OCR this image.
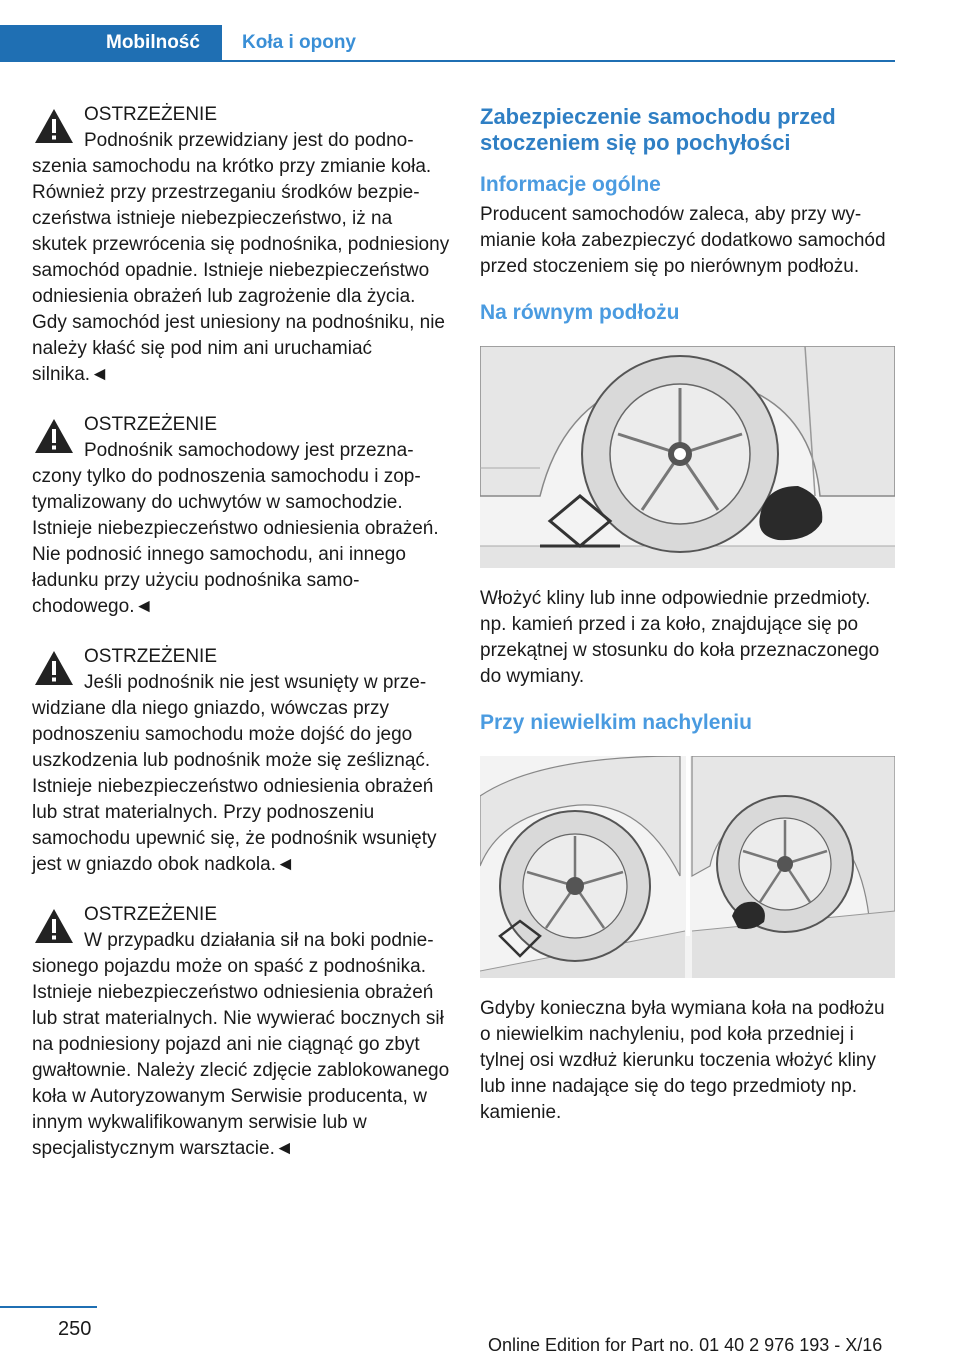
Mobilność	Koła i opony
OSTRZEŻENIE

Podnośnik przewidziany jest do podnoszenia samochodu na krótko przy zmianie koła. Również przy przestrzeganiu środków bezpieczeństwa istnieje niebezpieczeństwo, iż na skutek przewrócenia się podnośnika, podniesiony samochód opadnie. Istnieje niebezpieczeństwo odniesienia obrażeń lub zagrożenie dla życia. Gdy samochód jest uniesiony na podnośniku, nie należy kłaść się pod nim ani uruchamiać silnika.◄

OSTRZEŻENIE

Podnośnik samochodowy jest przeznaczony tylko do podnoszenia samochodu i zoptymalizowany do uchwytów w samochodzie. Istnieje niebezpieczeństwo odniesienia obrażeń. Nie podnosić innego samochodu, ani innego ładunku przy użyciu podnośnika samochodowego.◄

OSTRZEŻENIE

Jeśli podnośnik nie jest wsunięty w przewidziane dla niego gniazdo, wówczas przy podnoszeniu samochodu może dojść do jego uszkodzenia lub podnośnik może się ześliznąć. Istnieje niebezpieczeństwo odniesienia obrażeń lub strat materialnych. Przy podnoszeniu samochodu upewnić się, że podnośnik wsunięty jest w gniazdo obok nadkola.◄

OSTRZEŻENIE

W przypadku działania sił na boki podniesionego pojazdu może on spaść z podnośnika. Istnieje niebezpieczeństwo odniesienia obrażeń lub strat materialnych. Nie wywierać bocznych sił na podniesiony pojazd ani nie ciągnąć go zbyt gwałtownie. Należy zlecić zdjęcie zablokowanego koła w Autoryzowanym Serwisie producenta, w innym wykwalifikowanym serwisie lub w specjalistycznym warsztacie.◄

Zabezpieczenie samochodu przed stoczeniem się po pochyłości
Informacje ogólne

Producent samochodów zaleca, aby przy wymianie koła zabezpieczyć dodatkowo samochód przed stoczeniem się po nierównym podłożu.

Na równym podłożu

Włożyć kliny lub inne odpowiednie przedmioty. np. kamień przed i za koło, znajdujące się po przekątnej w stosunku do koła przeznaczonego do wymiany.

Przy niewielkim nachyleniu

Gdyby konieczna była wymiana koła na podłożu o niewielkim nachyleniu, pod koła przedniej i tylnej osi wzdłuż kierunku toczenia włożyć kliny lub inne nadające się do tego przedmioty np. kamienie.

250
Online Edition for Part no. 01 40 2 976 193 - X/16
